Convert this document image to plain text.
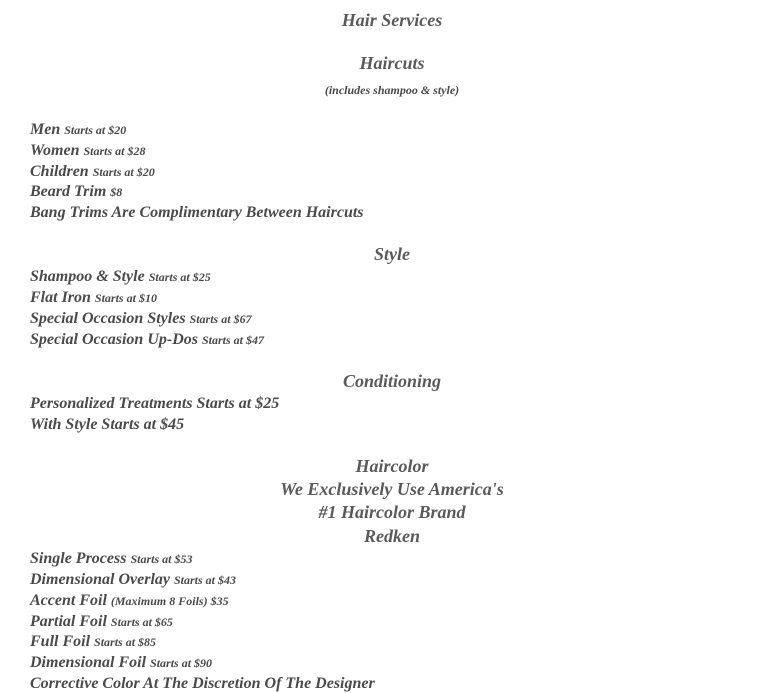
Hair Services
Haircuts
(includes shampoo & style)
Men Starts at $20
Women Starts at $28
Children Starts at $20
Beard Trim $8
Bang Trims Are Complimentary Between Haircuts
Style
Shampoo & Style Starts at $25
Flat Iron Starts at $10
Special Occasion Styles Starts at $67
Special Occasion Up-Dos Starts at $47
Conditioning
Personalized Treatments Starts at $25
With Style Starts at $45
Haircolor
We Exclusively Use America's
#1 Haircolor Brand
Redken
Single Process Starts at $53
Dimensional Overlay Starts at $43
Accent Foil (Maximum 8 Foils) $35
Partial Foil Starts at $65
Full Foil Starts at $85
Dimensional Foil Starts at $90
Corrective Color At The Discretion Of The Designer
